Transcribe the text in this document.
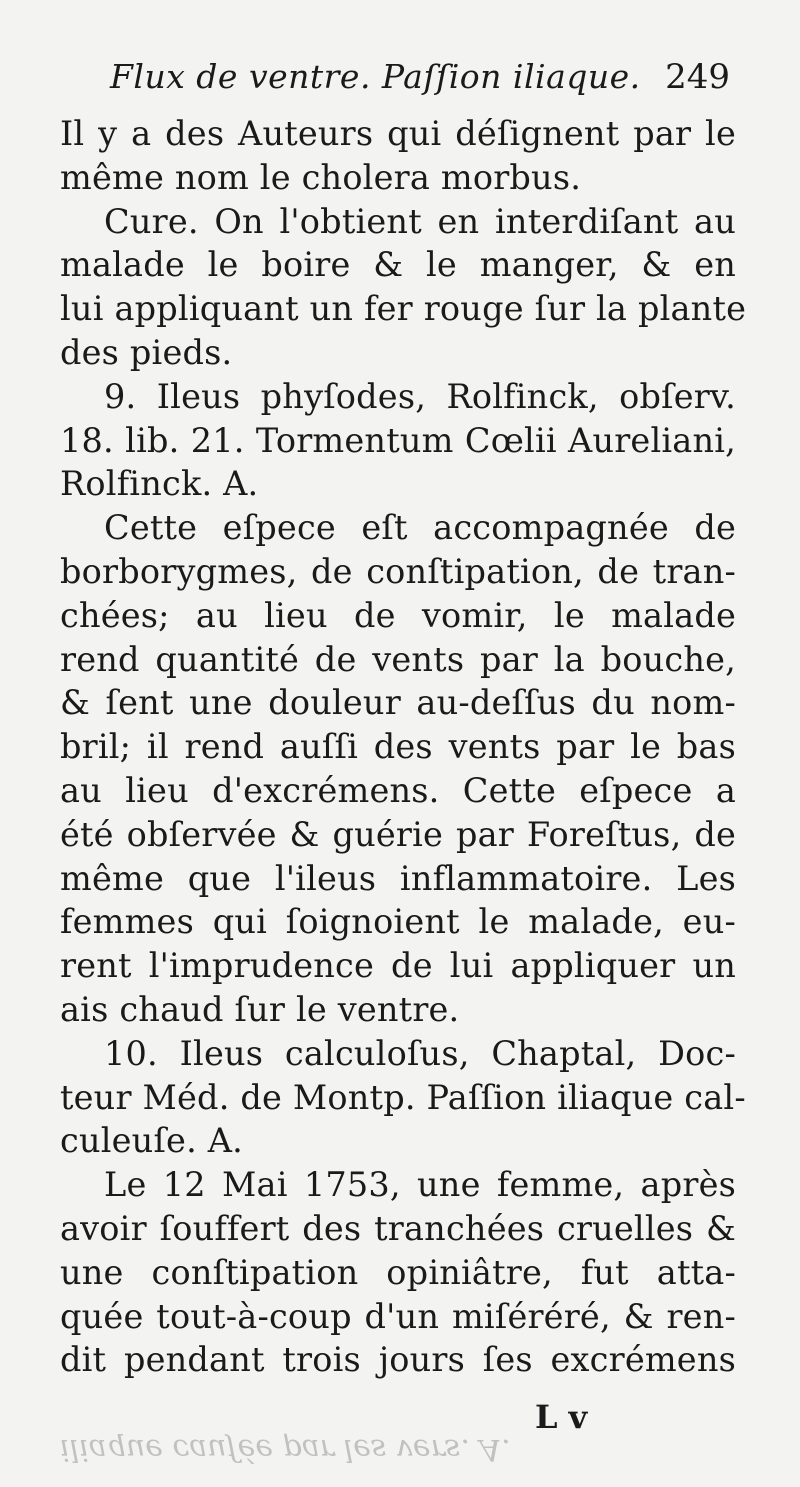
Flux de ventre. Paſſion iliaque. 249
Il y a des Auteurs qui déſignent par le
même nom le cholera morbus.
Cure. On l'obtient en interdiſant au
malade le boire & le manger, & en
lui appliquant un fer rouge ſur la plante
des pieds.
9. Ileus phyſodes, Rolfinck, obſerv.
18. lib. 21. Tormentum Cœlii Aureliani,
Rolfinck. A.
Cette eſpece eſt accompagnée de
borborygmes, de conſtipation, de tran-
chées; au lieu de vomir, le malade
rend quantité de vents par la bouche,
& ſent une douleur au-deſſus du nom-
bril; il rend auſſi des vents par le bas
au lieu d'excrémens. Cette eſpece a
été obſervée & guérie par Foreſtus, de
même que l'ileus inflammatoire. Les
femmes qui ſoignoient le malade, eu-
rent l'imprudence de lui appliquer un
ais chaud ſur le ventre.
10. Ileus calculoſus, Chaptal, Doc-
teur Méd. de Montp. Paſſion iliaque cal-
culeuſe. A.
Le 12 Mai 1753, une femme, après
avoir ſouffert des tranchées cruelles &
une conſtipation opiniâtre, fut atta-
quée tout-à-coup d'un miſéréré, & ren-
dit pendant trois jours ſes excrémens
L v
iliaque cauſée par les vers. A.
